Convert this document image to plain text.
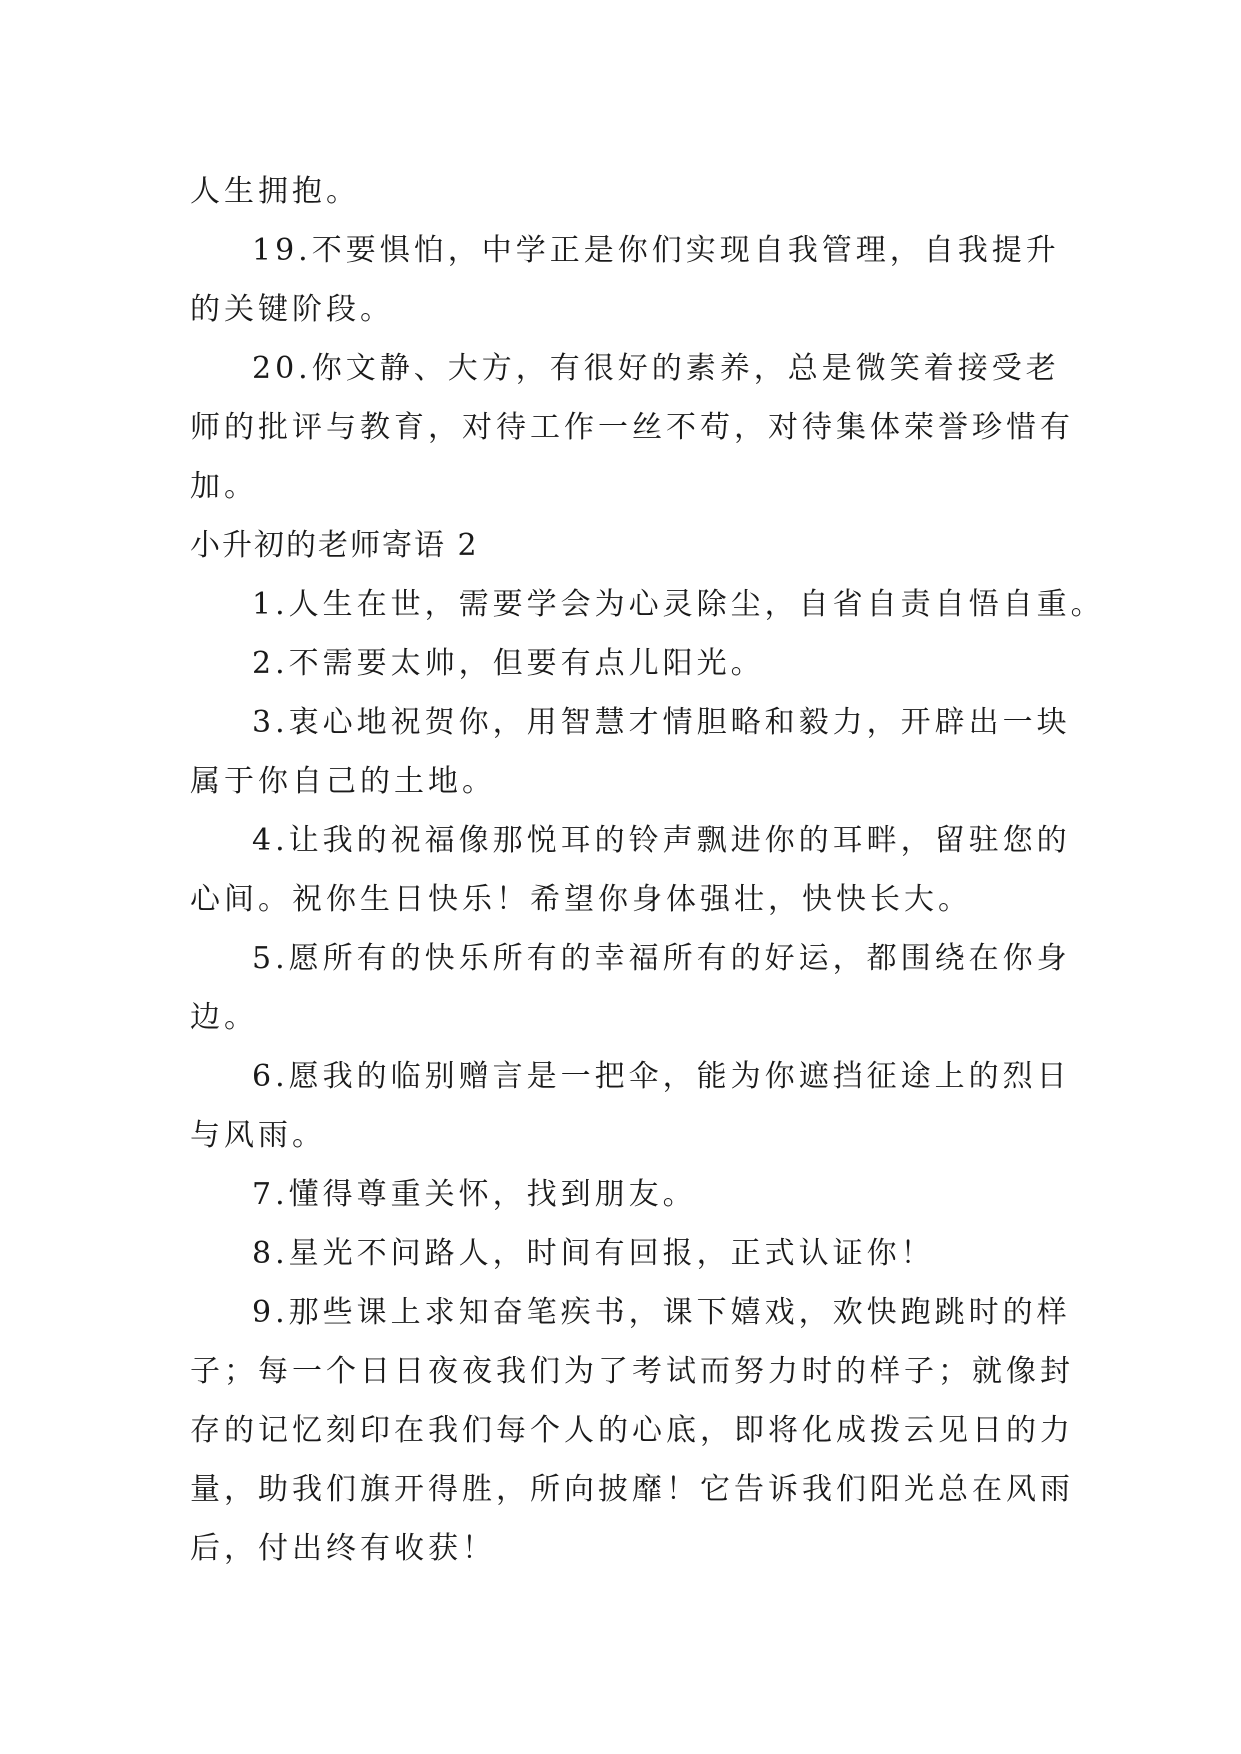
人生拥抱。
19.不要惧怕，中学正是你们实现自我管理，自我提升
的关键阶段。
20.你文静、大方，有很好的素养，总是微笑着接受老
师的批评与教育，对待工作一丝不苟，对待集体荣誉珍惜有
加。
小升初的老师寄语 2
1.人生在世，需要学会为心灵除尘，自省自责自悟自重。
2.不需要太帅，但要有点儿阳光。
3.衷心地祝贺你，用智慧才情胆略和毅力，开辟出一块
属于你自己的土地。
4.让我的祝福像那悦耳的铃声飘进你的耳畔，留驻您的
心间。祝你生日快乐！希望你身体强壮，快快长大。
5.愿所有的快乐所有的幸福所有的好运，都围绕在你身
边。
6.愿我的临别赠言是一把伞，能为你遮挡征途上的烈日
与风雨。
7.懂得尊重关怀，找到朋友。
8.星光不问路人，时间有回报，正式认证你！
9.那些课上求知奋笔疾书，课下嬉戏，欢快跑跳时的样
子；每一个日日夜夜我们为了考试而努力时的样子；就像封
存的记忆刻印在我们每个人的心底，即将化成拨云见日的力
量，助我们旗开得胜，所向披靡！它告诉我们阳光总在风雨
后，付出终有收获！
